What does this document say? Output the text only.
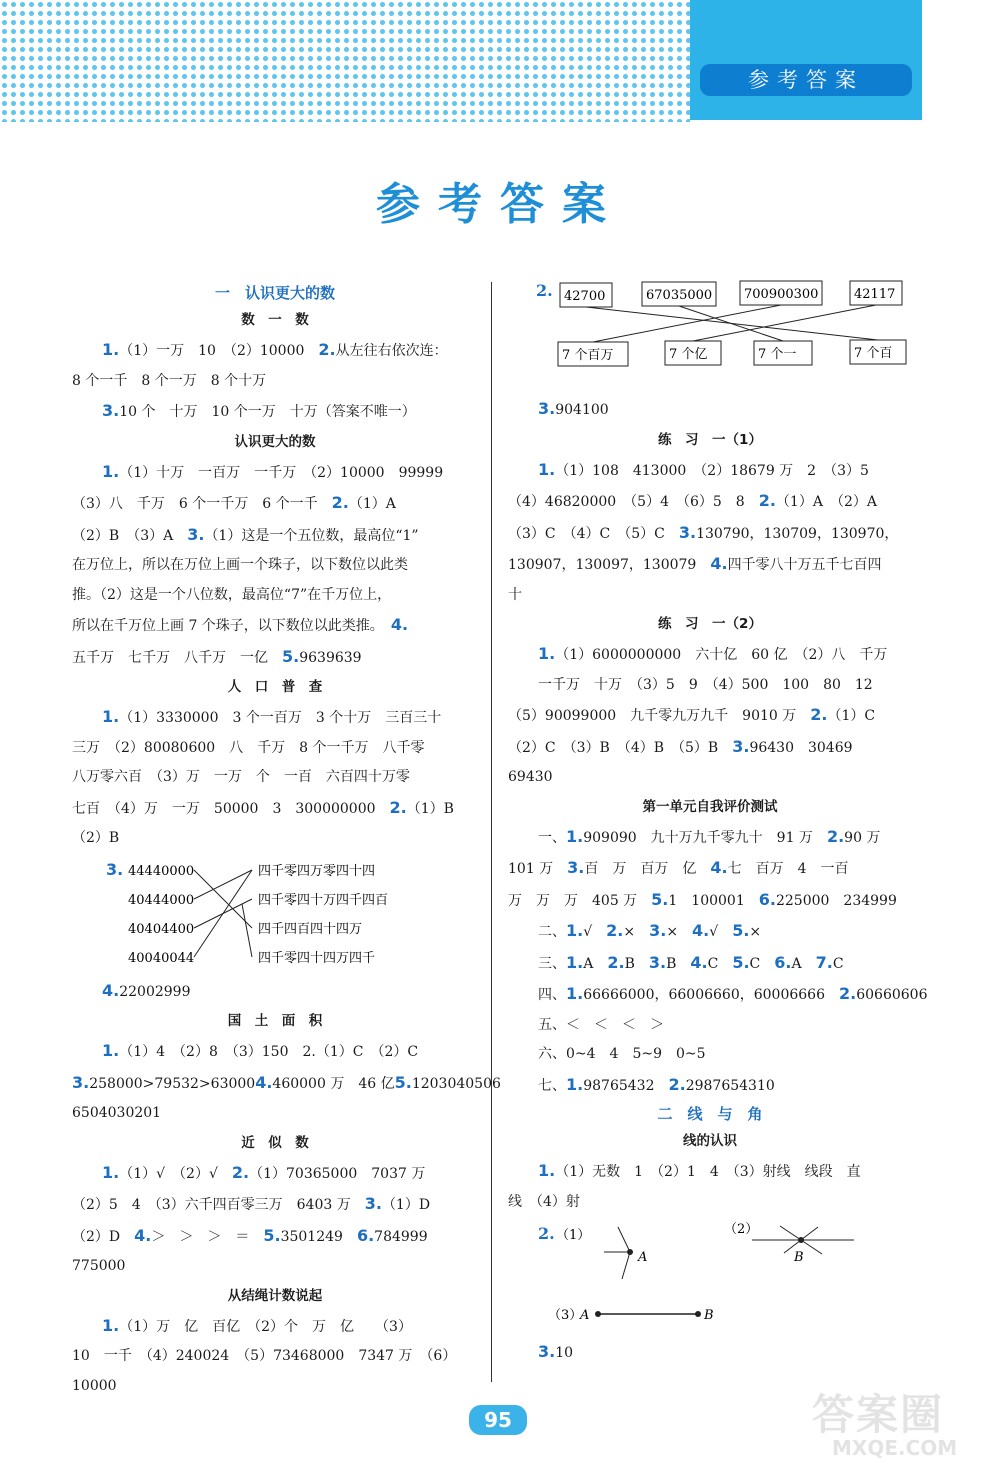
参考答案
参考答案
一　认识更大的数
数　一　数
1.（1）一万　10　（2）10000　 2.从左往右依次连：
8 个一千　8 个一万　8 个十万
3.10 个　十万　10 个一万　十万（答案不唯一）
认识更大的数
1.（1）十万　一百万　一千万　（2）10000　99999
（3）八　千万　6 个一千万　6 个一千　 2.（1）A
（2）B　（3）A　 3.（1）这是一个五位数，最高位“1”
在万位上，所以在万位上画一个珠子，以下数位以此类
推。（2）这是一个八位数，最高位“7”在千万位上，
所以在千万位上画 7 个珠子，以下数位以此类推。　 4.
五千万　七千万　八千万　一亿　 5.9639639
人　口　普　查
1.（1）3330000　3 个一百万　3 个十万　三百三十
三万　（2）80080600　八　千万　8 个一千万　八千零
八万零六百　（3）万　一万　个　一百　六百四十万零
七百　（4）万　一万　50000　3　300000000　 2.（1）B
（2）B
3. 44440000
40444000
40404400
40040044
四千零四万零四十四
四千零四十万四千四百
四千四百四十四万
四千零四十四万四千
4.22002999
国　土　面　积
1.（1）4　（2）8　（3）150　2.（1）C　（2）C
3.258000>79532>630004.460000 万　46 亿5.1203040506
6504030201
近　似　数
1.（1）√　（2）√　 2.（1）70365000　7037 万
（2）5　4　（3）六千四百零三万　6403 万　 3.（1）D
（2）D　 4.＞　＞　＞　＝　 5.3501249　 6.784999
775000
从结绳计数说起
1.（1）万　亿　百亿　（2）个　万　亿　　（3）
10　一千　（4）240024　（5）73468000　7347 万　（6）
10000
2. 42700	67035000 700900300	42117
7 个百万	7 个亿	7 个一	7 个百
3.904100
练　习　一（1）
1.（1）108　413000　（2）18679 万　2　（3）5
（4）46820000　（5）4　（6）5　8　 2.（1）A　（2）A
（3）C　（4）C　（5）C　 3.130790，130709，130970，
130907，130097，130079　 4.四千零八十万五千七百四
十
练　习　一（2）
1.（1）6000000000　六十亿　60 亿　（2）八　千万
一千万　十万　（3）5　9　（4）500　100　80　12
（5）90099000　九千零九万九千　9010 万　 2.（1）C
（2）C　（3）B　（4）B　（5）B　 3.96430　30469
69430
第一单元自我评价测试
一、1.909090　九十万九千零九十　91 万　 2.90 万
101 万　 3.百　万　百万　亿　 4.七　百万　4　一百
万　万　万　405 万　 5.1　100001　 6.225000　234999
二、1.√　 2.×　 3.×　 4.√　 5.×
三、1.A　 2.B　 3.B　 4.C　 5.C　 6.A　 7.C
四、1.66666000，66006660，60006666　 2.60660606
五、＜　＜　＜　＞
六、0~4　4　5~9　0~5
七、1.98765432　 2.2987654310
二　线　与　角
线的认识
1.（1）无数　1　（2）1　4　（3）射线　线段　直
线　（4）射
2. （1）
A
（2）
B
（3）
A	B
3.10
95	答案圈
MXQE.COM
